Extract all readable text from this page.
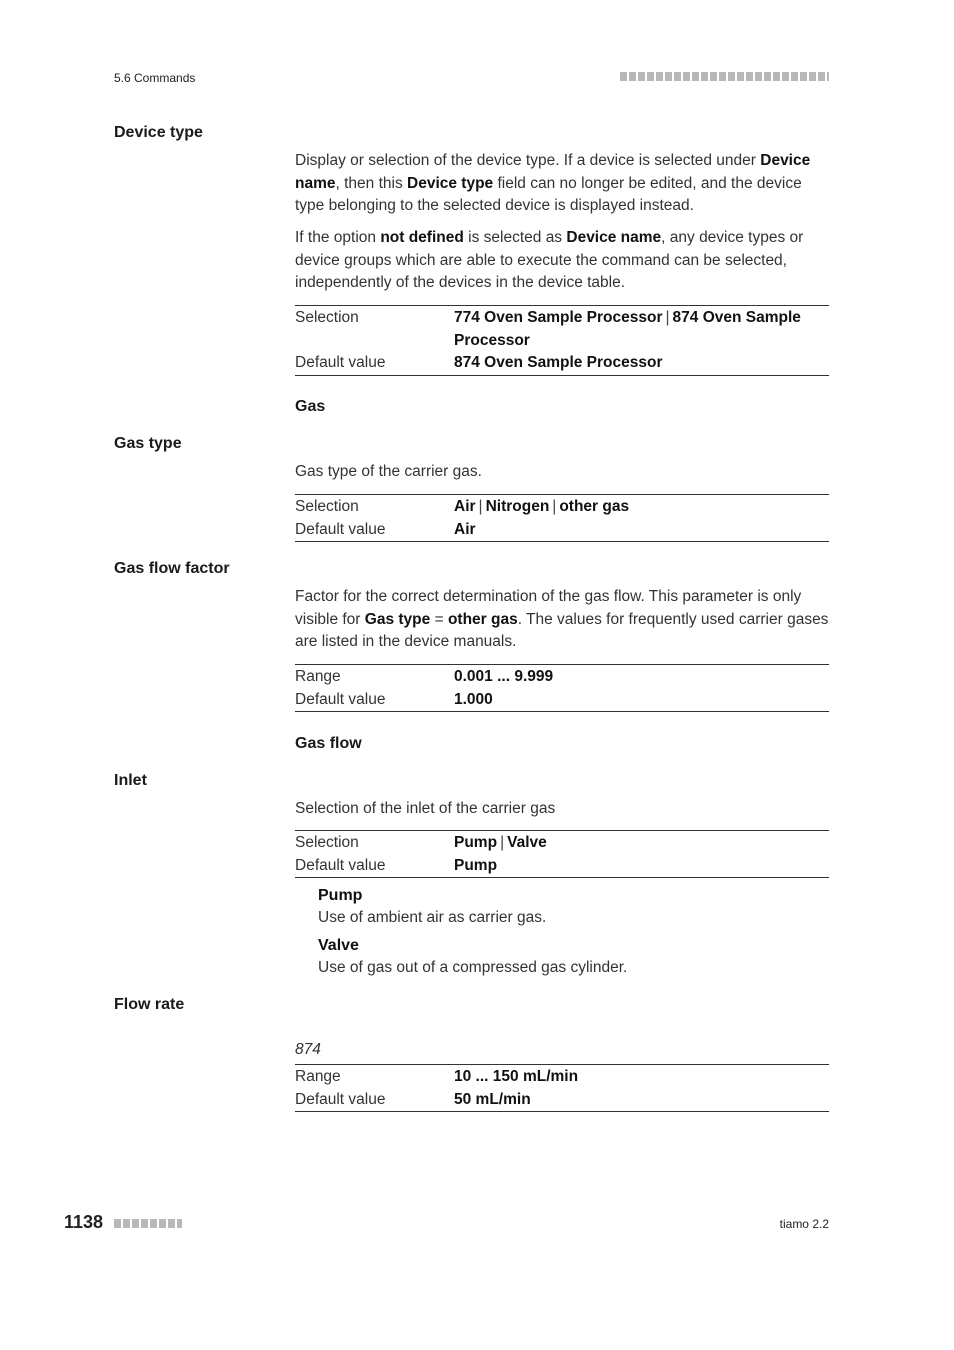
5.6 Commands
Device type
Display or selection of the device type. If a device is selected under Device name, then this Device type field can no longer be edited, and the device type belonging to the selected device is displayed instead.
If the option not defined is selected as Device name, any device types or device groups which are able to execute the command can be selected, independently of the devices in the device table.
Selection	774 Oven Sample Processor | 874 Oven Sample Processor
Default value	874 Oven Sample Processor
Gas
Gas type
Gas type of the carrier gas.
Selection	Air | Nitrogen | other gas
Default value	Air
Gas flow factor
Factor for the correct determination of the gas flow. This parameter is only visible for Gas type = other gas. The values for frequently used carrier gases are listed in the device manuals.
Range	0.001 ... 9.999
Default value	1.000
Gas flow
Inlet
Selection of the inlet of the carrier gas
Selection	Pump | Valve
Default value	Pump
Pump
Use of ambient air as carrier gas.
Valve
Use of gas out of a compressed gas cylinder.
Flow rate
874
Range	10 ... 150 mL/min
Default value	50 mL/min
1138	tiamo 2.2
